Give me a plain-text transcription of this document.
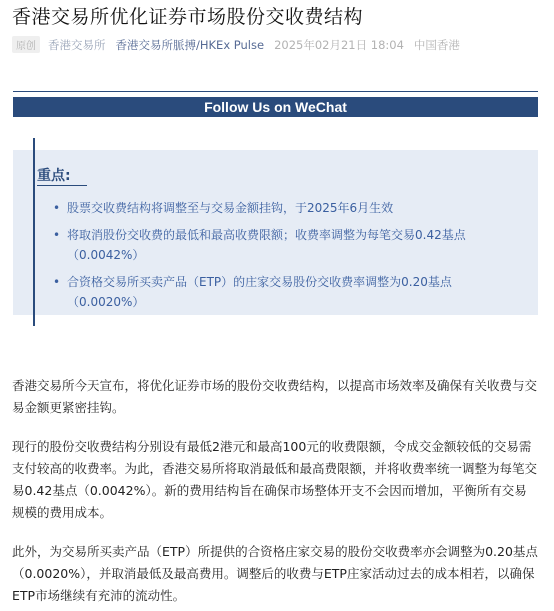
香港交易所优化证券市场股份交收费结构
原创	香港交易所 香港交易所脈搏/HKEx Pulse 2025年02月21日 18:04 中国香港
Follow Us on WeChat
重点:
• 股票交收费结构将调整至与交易金额挂钩，于2025年6月生效
• 将取消股份交收费的最低和最高收费限额；收费率调整为每笔交易0.42基点（0.0042%）
• 合资格交易所买卖产品（ETP）的庄家交易股份交收费率调整为0.20基点（0.0020%）

香港交易所今天宣布，将优化证券市场的股份交收费结构，以提高市场效率及确保有关收费与交易金额更紧密挂钩。

现行的股份交收费结构分别设有最低2港元和最高100元的收费限额，令成交金额较低的交易需支付较高的收费率。为此，香港交易所将取消最低和最高费限额，并将收费率统一调整为每笔交易0.42基点（0.0042%）。新的费用结构旨在确保市场整体开支不会因而增加，平衡所有交易规模的费用成本。

此外，为交易所买卖产品（ETP）所提供的合资格庄家交易的股份交收费率亦会调整为0.20基点（0.0020%），并取消最低及最高费用。调整后的收费与ETP庄家活动过去的成本相若，以确保ETP市场继续有充沛的流动性。
